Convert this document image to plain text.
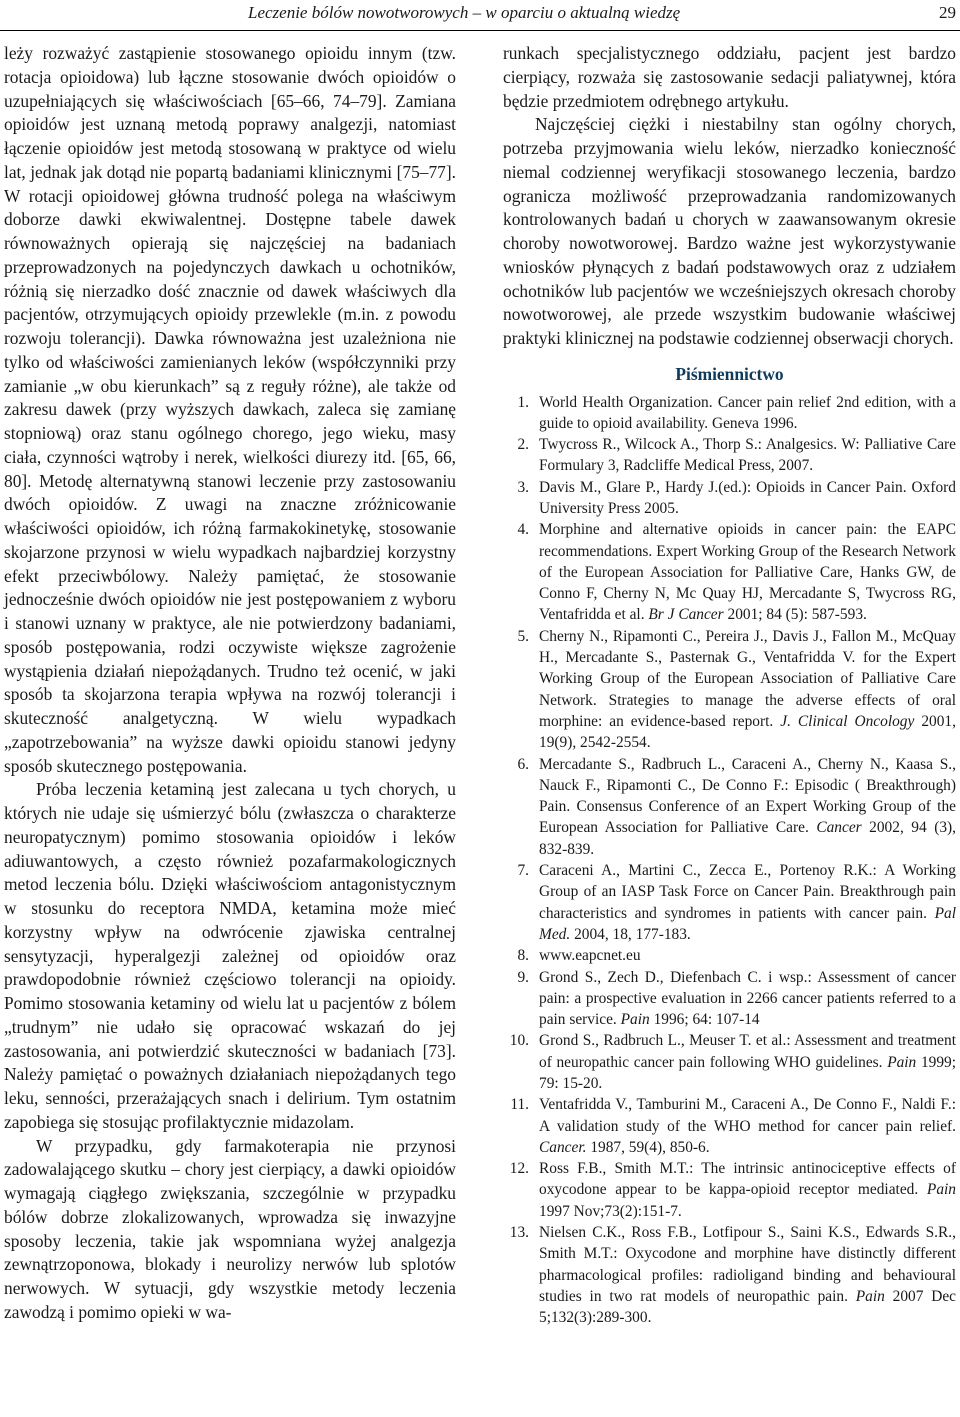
Leczenie bólów nowotworowych – w oparciu o aktualną wiedzę	29

leży rozważyć zastąpienie stosowanego opioidu innym (tzw. rotacja opioidowa) lub łączne stosowanie dwóch opioidów o uzupełniających się właściwościach [65–66, 74–79]. Zamiana opioidów jest uznaną metodą poprawy analgezji, natomiast łączenie opioidów jest metodą stosowaną w praktyce od wielu lat, jednak jak dotąd nie popartą badaniami klinicznymi [75–77]. W rotacji opioidowej główna trudność polega na właściwym doborze dawki ekwiwalentnej. Dostępne tabele dawek równoważnych opierają się najczęściej na badaniach przeprowadzonych na pojedynczych dawkach u ochotników, różnią się nierzadko dość znacznie od dawek właściwych dla pacjentów, otrzymujących opioidy przewlekle (m.in. z powodu rozwoju tolerancji). Dawka równoważna jest uzależniona nie tylko od właściwości zamienianych leków (współczynniki przy zamianie „w obu kierunkach” są z reguły różne), ale także od zakresu dawek (przy wyższych dawkach, zaleca się zamianę stopniową) oraz stanu ogólnego chorego, jego wieku, masy ciała, czynności wątroby i nerek, wielkości diurezy itd. [65, 66, 80]. Metodę alternatywną stanowi leczenie przy zastosowaniu dwóch opioidów. Z uwagi na znaczne zróżnicowanie właściwości opioidów, ich różną farmakokinetykę, stosowanie skojarzone przynosi w wielu wypadkach najbardziej korzystny efekt przeciwbólowy. Należy pamiętać, że stosowanie jednocześnie dwóch opioidów nie jest postępowaniem z wyboru i stanowi uznany w praktyce, ale nie potwierdzony badaniami, sposób postępowania, rodzi oczywiste większe zagrożenie wystąpienia działań niepożądanych. Trudno też ocenić, w jaki sposób ta skojarzona terapia wpływa na rozwój tolerancji i skuteczność analgetyczną. W wielu wypadkach „zapotrzebowania” na wyższe dawki opioidu stanowi jedyny sposób skutecznego postępowania.

Próba leczenia ketaminą jest zalecana u tych chorych, u których nie udaje się uśmierzyć bólu (zwłaszcza o charakterze neuropatycznym) pomimo stosowania opioidów i leków adiuwantowych, a często również pozafarmakologicznych metod leczenia bólu. Dzięki właściwościom antagonistycznym w stosunku do receptora NMDA, ketamina może mieć korzystny wpływ na odwrócenie zjawiska centralnej sensytyzacji, hyperalgezji zależnej od opioidów oraz prawdopodobnie również częściowo tolerancji na opioidy. Pomimo stosowania ketaminy od wielu lat u pacjentów z bólem „trudnym” nie udało się opracować wskazań do jej zastosowania, ani potwierdzić skuteczności w badaniach [73]. Należy pamiętać o poważnych działaniach niepożądanych tego leku, senności, przerażających snach i delirium. Tym ostatnim zapobiega się stosując profilaktycznie midazolam.

W przypadku, gdy farmakoterapia nie przynosi zadowalającego skutku – chory jest cierpiący, a dawki opioidów wymagają ciągłego zwiększania, szczególnie w przypadku bólów dobrze zlokalizowanych, wprowadza się inwazyjne sposoby leczenia, takie jak wspomniana wyżej analgezja zewnątrzoponowa, blokady i neurolizy nerwów lub splotów nerwowych. W sytuacji, gdy wszystkie metody leczenia zawodzą i pomimo opieki w wa-

runkach specjalistycznego oddziału, pacjent jest bardzo cierpiący, rozważa się zastosowanie sedacji paliatywnej, która będzie przedmiotem odrębnego artykułu.

Najczęściej ciężki i niestabilny stan ogólny chorych, potrzeba przyjmowania wielu leków, nierzadko konieczność niemal codziennej weryfikacji stosowanego leczenia, bardzo ogranicza możliwość przeprowadzania randomizowanych kontrolowanych badań u chorych w zaawansowanym okresie choroby nowotworowej. Bardzo ważne jest wykorzystywanie wniosków płynących z badań podstawowych oraz z udziałem ochotników lub pacjentów we wcześniejszych okresach choroby nowotworowej, ale przede wszystkim budowanie właściwej praktyki klinicznej na podstawie codziennej obserwacji chorych.

Piśmiennictwo
1. World Health Organization. Cancer pain relief 2nd edition, with a guide to opioid availability. Geneva 1996.
2. Twycross R., Wilcock A., Thorp S.: Analgesics. W: Palliative Care Formulary 3, Radcliffe Medical Press, 2007.
3. Davis M., Glare P., Hardy J.(ed.): Opioids in Cancer Pain. Oxford University Press 2005.
4. Morphine and alternative opioids in cancer pain: the EAPC recommendations. Expert Working Group of the Research Network of the European Association for Palliative Care, Hanks GW, de Conno F, Cherny N, Mc Quay HJ, Mercadante S, Twycross RG, Ventafridda et al. Br J Cancer 2001; 84 (5): 587-593.
5. Cherny N., Ripamonti C., Pereira J., Davis J., Fallon M., McQuay H., Mercadante S., Pasternak G., Ventafridda V. for the Expert Working Group of the European Association of Palliative Care Network. Strategies to manage the adverse effects of oral morphine: an evidence-based report. J. Clinical Oncology 2001, 19(9), 2542-2554.
6. Mercadante S., Radbruch L., Caraceni A., Cherny N., Kaasa S., Nauck F., Ripamonti C., De Conno F.: Episodic ( Breakthrough) Pain. Consensus Conference of an Expert Working Group of the European Association for Palliative Care. Cancer 2002, 94 (3), 832-839.
7. Caraceni A., Martini C., Zecca E., Portenoy R.K.: A Working Group of an IASP Task Force on Cancer Pain. Breakthrough pain characteristics and syndromes in patients with cancer pain. Pal Med. 2004, 18, 177-183.
8. www.eapcnet.eu
9. Grond S., Zech D., Diefenbach C. i wsp.: Assessment of cancer pain: a prospective evaluation in 2266 cancer patients referred to a pain service. Pain 1996; 64: 107-14
10. Grond S., Radbruch L., Meuser T. et al.: Assessment and treatment of neuropathic cancer pain following WHO guidelines. Pain 1999; 79: 15-20.
11. Ventafridda V., Tamburini M., Caraceni A., De Conno F., Naldi F.: A validation study of the WHO method for cancer pain relief. Cancer. 1987, 59(4), 850-6.
12. Ross F.B., Smith M.T.: The intrinsic antinociceptive effects of oxycodone appear to be kappa-opioid receptor mediated. Pain 1997 Nov;73(2):151-7.
13. Nielsen C.K., Ross F.B., Lotfipour S., Saini K.S., Edwards S.R., Smith M.T.: Oxycodone and morphine have distinctly different pharmacological profiles: radioligand binding and behavioural studies in two rat models of neuropathic pain. Pain 2007 Dec 5;132(3):289-300.
